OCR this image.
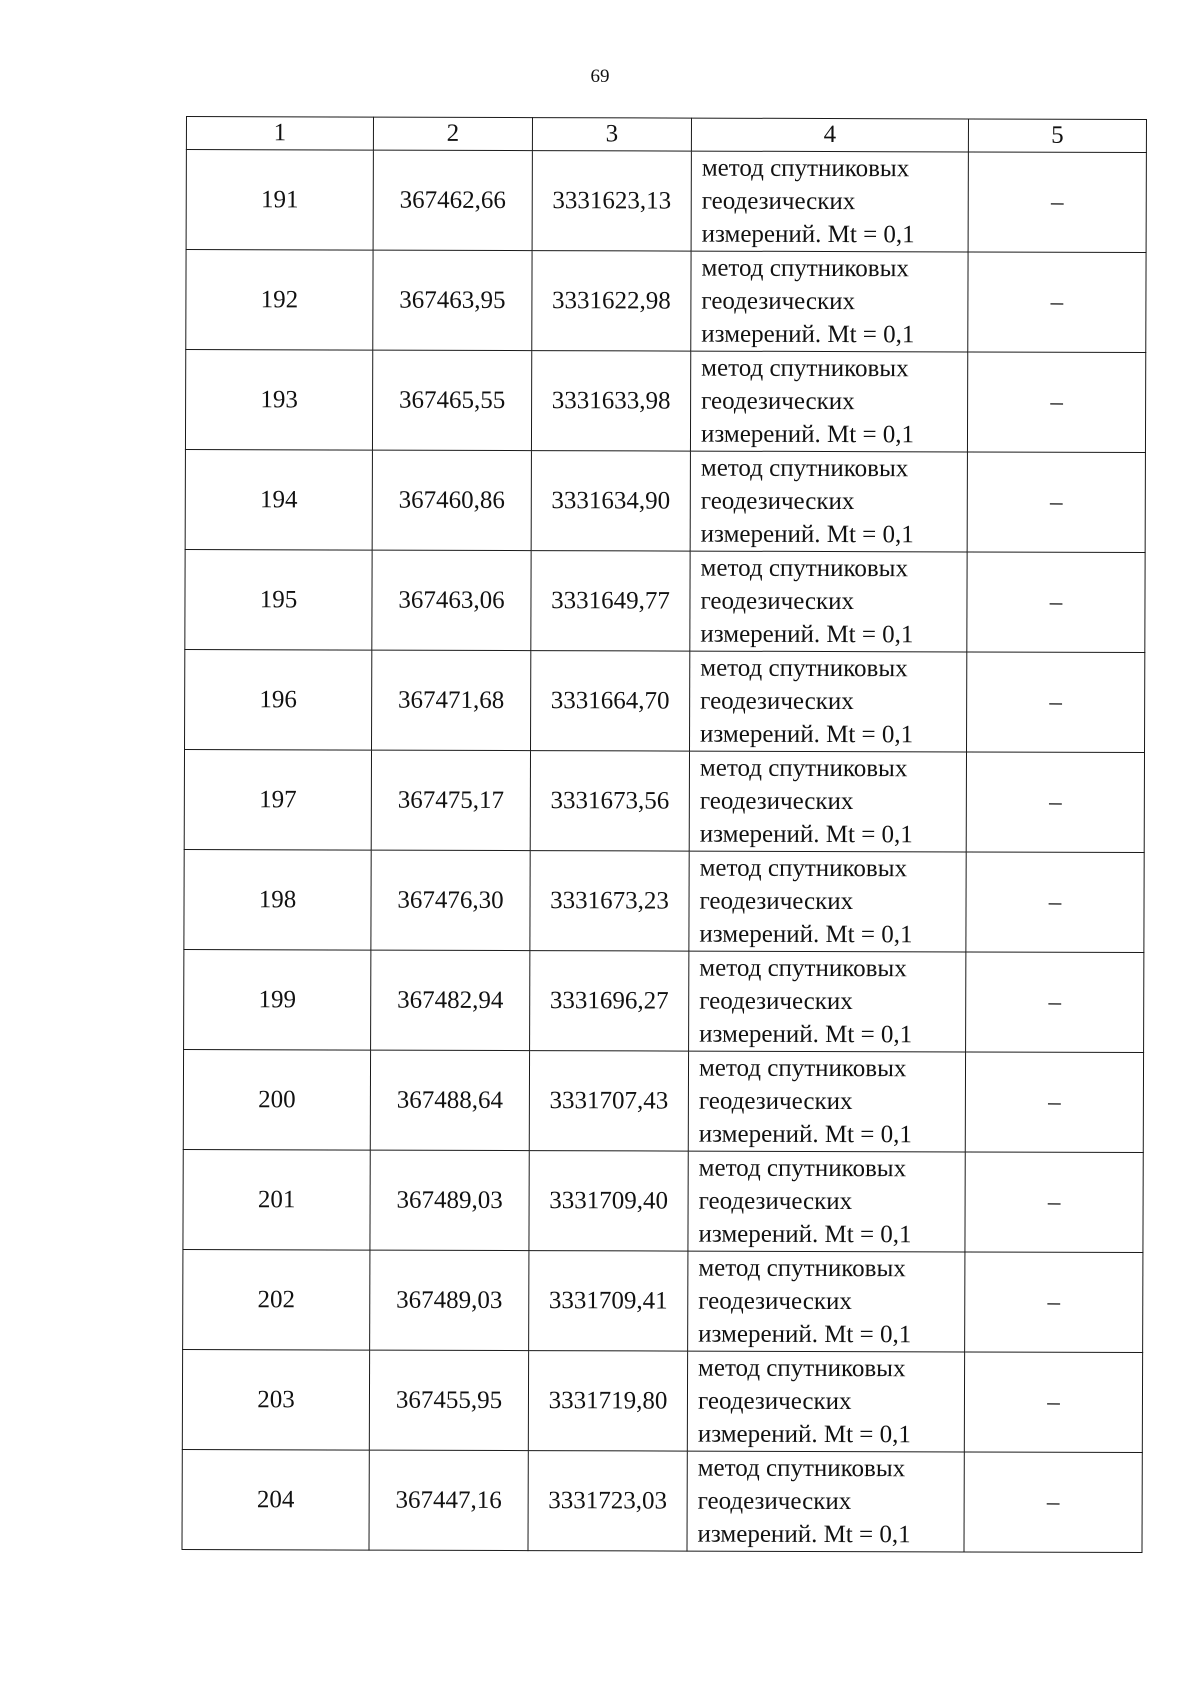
69
1	2	3	4	5
191	367462,66	3331623,13	метод спутниковых
геодезических
измерений. Mt = 0,1	–
192	367463,95	3331622,98	метод спутниковых
геодезических
измерений. Mt = 0,1	–
193	367465,55	3331633,98	метод спутниковых
геодезических
измерений. Mt = 0,1	–
194	367460,86	3331634,90	метод спутниковых
геодезических
измерений. Mt = 0,1	–
195	367463,06	3331649,77	метод спутниковых
геодезических
измерений. Mt = 0,1	–
196	367471,68	3331664,70	метод спутниковых
геодезических
измерений. Mt = 0,1	–
197	367475,17	3331673,56	метод спутниковых
геодезических
измерений. Mt = 0,1	–
198	367476,30	3331673,23	метод спутниковых
геодезических
измерений. Mt = 0,1	–
199	367482,94	3331696,27	метод спутниковых
геодезических
измерений. Mt = 0,1	–
200	367488,64	3331707,43	метод спутниковых
геодезических
измерений. Mt = 0,1	–
201	367489,03	3331709,40	метод спутниковых
геодезических
измерений. Mt = 0,1	–
202	367489,03	3331709,41	метод спутниковых
геодезических
измерений. Mt = 0,1	–
203	367455,95	3331719,80	метод спутниковых
геодезических
измерений. Mt = 0,1	–
204	367447,16	3331723,03	метод спутниковых
геодезических
измерений. Mt = 0,1	–
